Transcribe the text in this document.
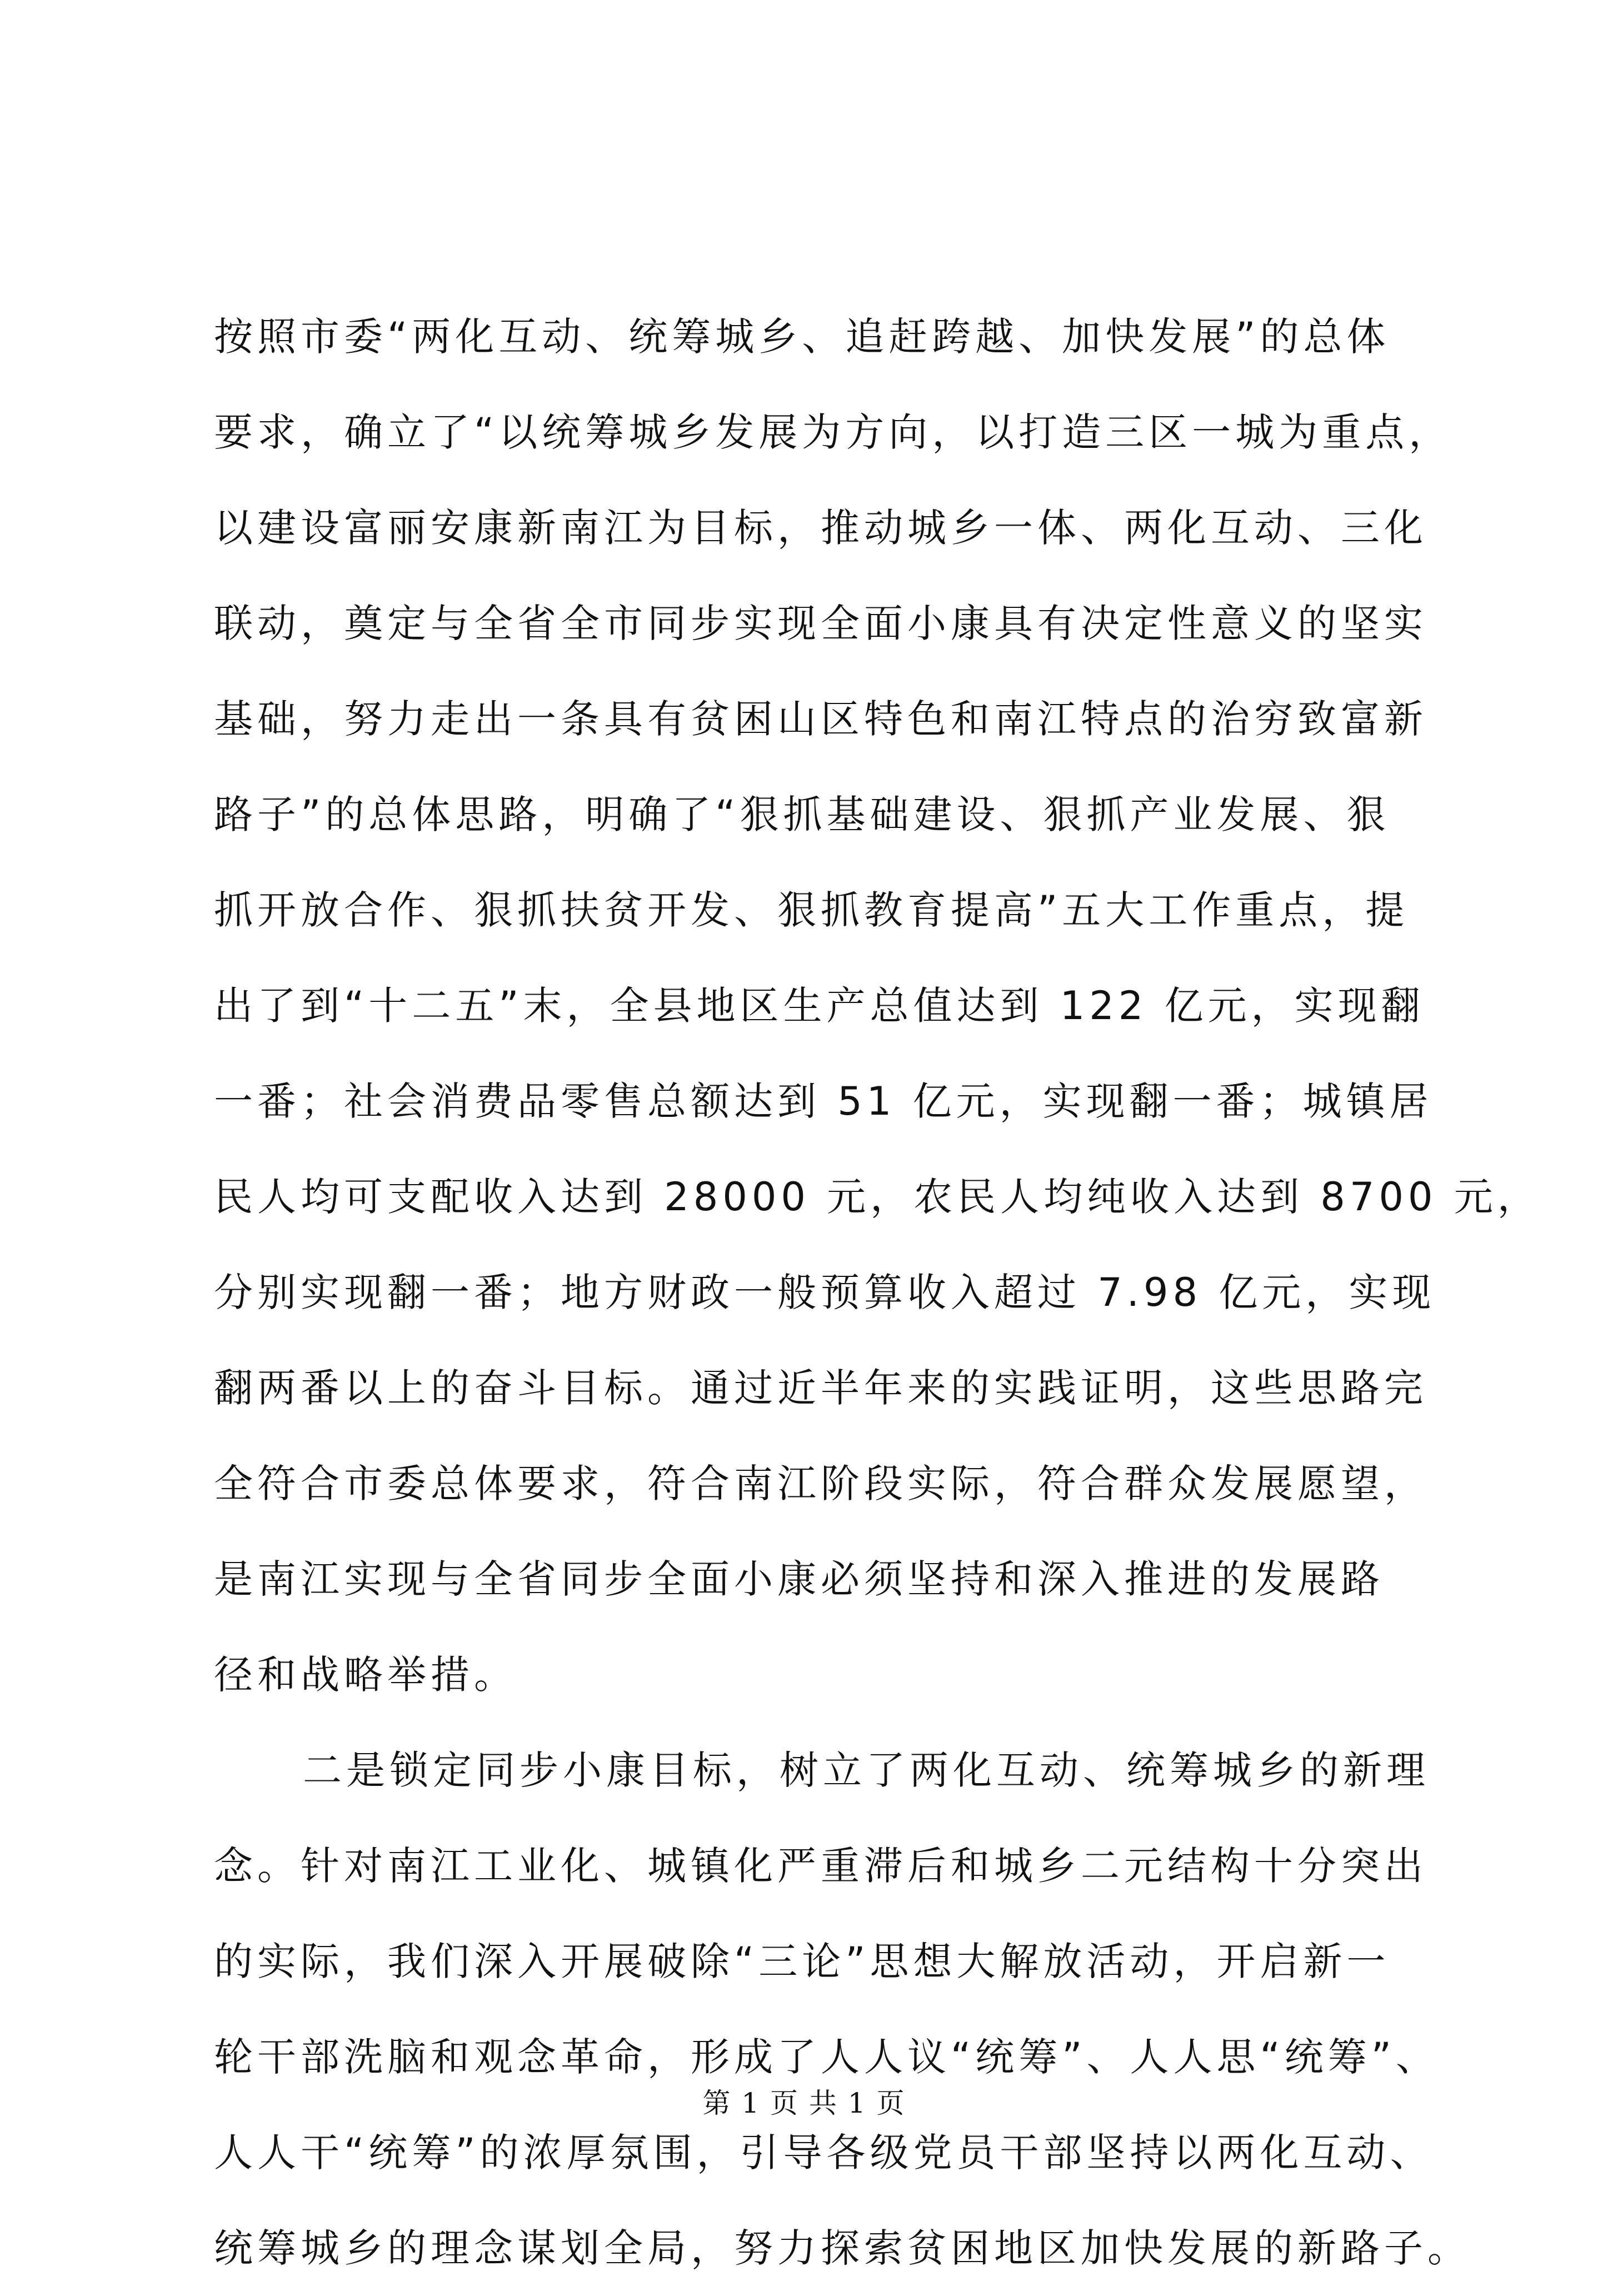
按照市委“两化互动、统筹城乡、追赶跨越、加快发展”的总体
要求，确立了“以统筹城乡发展为方向，以打造三区一城为重点，
以建设富丽安康新南江为目标，推动城乡一体、两化互动、三化
联动，奠定与全省全市同步实现全面小康具有决定性意义的坚实
基础，努力走出一条具有贫困山区特色和南江特点的治穷致富新
路子”的总体思路，明确了“狠抓基础建设、狠抓产业发展、狠
抓开放合作、狠抓扶贫开发、狠抓教育提高”五大工作重点，提
出了到“十二五”末，全县地区生产总值达到 122 亿元，实现翻
一番；社会消费品零售总额达到 51 亿元，实现翻一番；城镇居
民人均可支配收入达到 28000 元，农民人均纯收入达到 8700 元，
分别实现翻一番；地方财政一般预算收入超过 7.98 亿元，实现
翻两番以上的奋斗目标。通过近半年来的实践证明，这些思路完
全符合市委总体要求，符合南江阶段实际，符合群众发展愿望，
是南江实现与全省同步全面小康必须坚持和深入推进的发展路
径和战略举措。
二是锁定同步小康目标，树立了两化互动、统筹城乡的新理
念。针对南江工业化、城镇化严重滞后和城乡二元结构十分突出
的实际，我们深入开展破除“三论”思想大解放活动，开启新一
轮干部洗脑和观念革命，形成了人人议“统筹”、人人思“统筹”、
人人干“统筹”的浓厚氛围，引导各级党员干部坚持以两化互动、
统筹城乡的理念谋划全局，努力探索贫困地区加快发展的新路子。
第 1 页 共 1 页
